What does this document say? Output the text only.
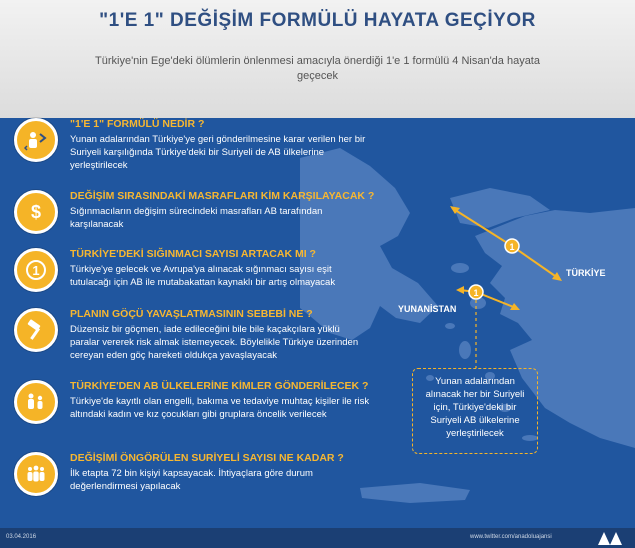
"1'E 1" DEĞİŞİM FORMÜLÜ HAYATA GEÇİYOR
Türkiye'nin Ege'deki ölümlerin önlenmesi amacıyla önerdiği 1'e 1 formülü 4 Nisan'da hayata geçecek
1
1
TÜRKİYE
YUNANİSTAN
Yunan adalarından alınacak her bir Suriyeli için, Türkiye'deki bir Suriyeli AB ülkelerine yerleştirilecek
"1'E 1" FORMÜLÜ NEDİR ?
Yunan adalarından Türkiye'ye geri gönderilmesine karar verilen her bir Suriyeli karşılığında Türkiye'deki bir Suriyeli de AB ülkelerine yerleştirilecek
$
DEĞİŞİM SIRASINDAKİ MASRAFLARI KİM KARŞILAYACAK ?
Sığınmacıların değişim sürecindeki masrafları AB tarafından karşılanacak
1
TÜRKİYE'DEKİ SIĞINMACI SAYISI ARTACAK MI ?
Türkiye'ye gelecek ve Avrupa'ya alınacak sığınmacı sayısı eşit tutulacağı için AB ile mutabakattan kaynaklı bir artış olmayacak
PLANIN GÖÇÜ YAVAŞLATMASININ SEBEBİ NE ?
Düzensiz bir göçmen, iade edileceğini bile bile kaçakçılara yüklü paralar vererek risk almak istemeyecek. Böylelikle Türkiye üzerinden cereyan eden göç hareketi oldukça yavaşlayacak
TÜRKİYE'DEN AB ÜLKELERİNE KİMLER GÖNDERİLECEK ?
Türkiye'de kayıtlı olan engelli, bakıma ve tedaviye muhtaç kişiler ile risk altındaki kadın ve kız çocukları gibi gruplara öncelik verilecek
DEĞİŞİMİ ÖNGÖRÜLEN SURİYELİ SAYISI NE KADAR ?
İlk etapta 72 bin kişiyi kapsayacak. İhtiyaçlara göre durum değerlendirmesi yapılacak
03.04.2016	www.twitter.com/anadoluajansi
